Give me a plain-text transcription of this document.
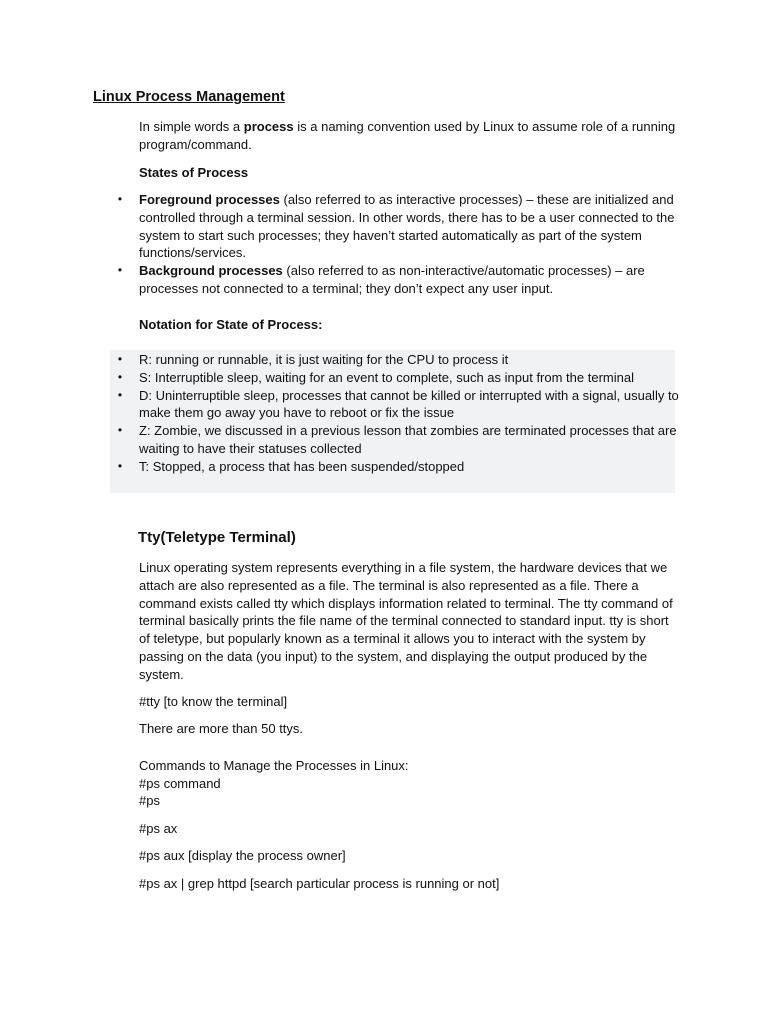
Linux Process Management
In simple words a process is a naming convention used by Linux to assume role of a running program/command.
States of Process
• Foreground processes (also referred to as interactive processes) – these are initialized and controlled through a terminal session. In other words, there has to be a user connected to the system to start such processes; they haven’t started automatically as part of the system functions/services.
• Background processes (also referred to as non-interactive/automatic processes) – are processes not connected to a terminal; they don’t expect any user input.
Notation for State of Process:
• R: running or runnable, it is just waiting for the CPU to process it
• S: Interruptible sleep, waiting for an event to complete, such as input from the terminal
• D: Uninterruptible sleep, processes that cannot be killed or interrupted with a signal, usually to make them go away you have to reboot or fix the issue
• Z: Zombie, we discussed in a previous lesson that zombies are terminated processes that are waiting to have their statuses collected
• T: Stopped, a process that has been suspended/stopped
Tty(Teletype Terminal)
Linux operating system represents everything in a file system, the hardware devices that we attach are also represented as a file. The terminal is also represented as a file. There a command exists called tty which displays information related to terminal. The tty command of terminal basically prints the file name of the terminal connected to standard input. tty is short of teletype, but popularly known as a terminal it allows you to interact with the system by passing on the data (you input) to the system, and displaying the output produced by the system.
#tty [to know the terminal]
There are more than 50 ttys.
Commands to Manage the Processes in Linux:
#ps command
#ps
#ps ax
#ps aux [display the process owner]
#ps ax | grep httpd [search particular process is running or not]
